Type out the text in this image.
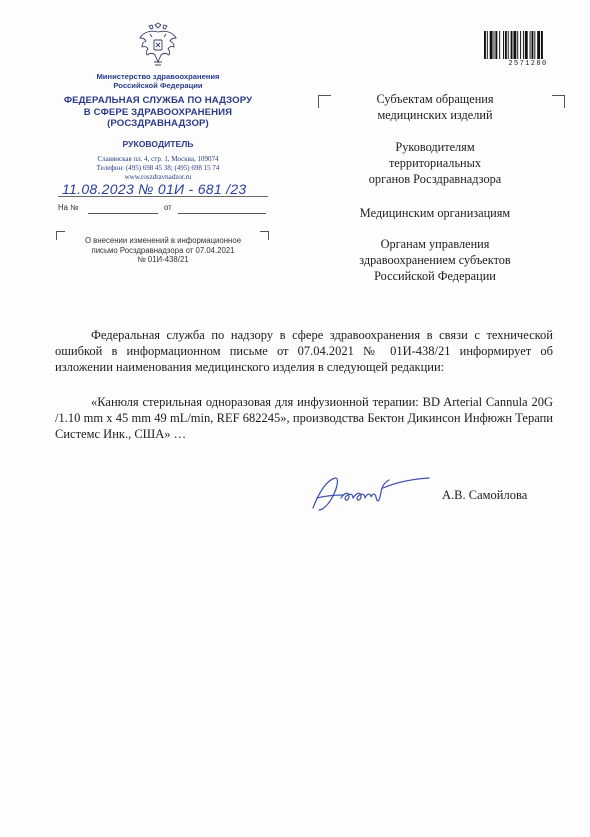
Министерство здравоохранения
Российской Федерации
ФЕДЕРАЛЬНАЯ СЛУЖБА ПО НАДЗОРУ
В СФЕРЕ ЗДРАВООХРАНЕНИЯ
(РОСЗДРАВНАДЗОР)
РУКОВОДИТЕЛЬ
Славянская пл. 4, стр. 1, Москва, 109074
Телефон: (495) 698 45 38; (495) 698 15 74
www.roszdravnadzor.ru
11.08.2023 № 01И - 681 /23
На №	от
О внесении изменений в информационное
письмо Росздравнадзора от 07.04.2021
№ 01И-438/21
2571280
Субъектам обращения
медицинских изделий
Руководителям
территориальных
органов Росздравнадзора
Медицинским организациям
Органам управления
здравоохранением субъектов
Российской Федерации
Федеральная служба по надзору в сфере здравоохранения в связи с технической ошибкой в информационном письме от 07.04.2021 № 01И-438/21 информирует об изложении наименования медицинского изделия в следующей редакции:
«Канюля стерильная одноразовая для инфузионной терапии: BD Arterial Cannula 20G /1.10 mm x 45 mm 49 mL/min, REF 682245», производства Бектон Дикинсон Инфюжн Терапи Системс Инк., США» …
А.В. Самойлова
